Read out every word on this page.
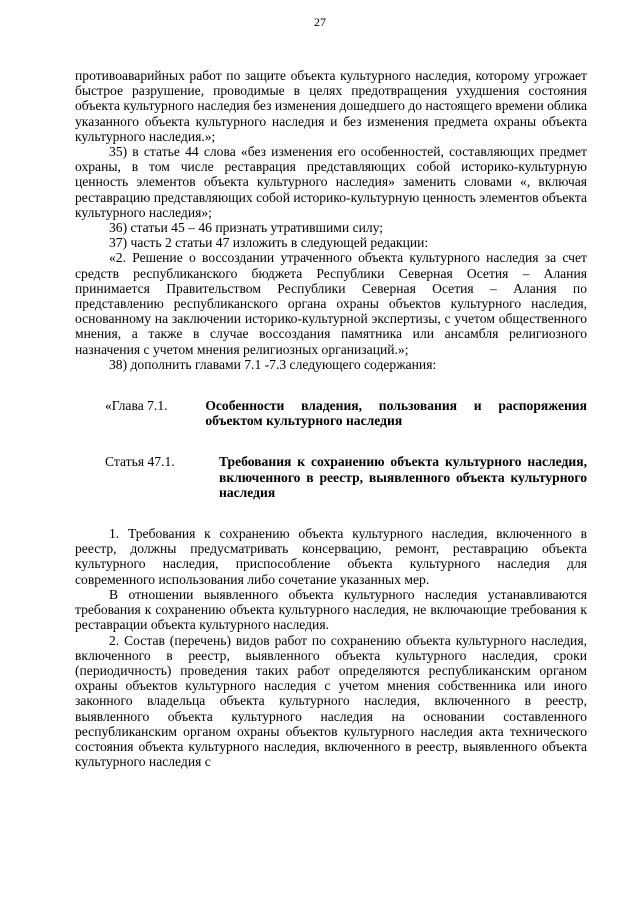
27

противоаварийных работ по защите объекта культурного наследия, которому угрожает быстрое разрушение, проводимые в целях предотвращения ухудшения состояния объекта культурного наследия без изменения дошедшего до настоящего времени облика указанного объекта культурного наследия и без изменения предмета охраны объекта культурного наследия.»;

35) в статье 44 слова «без изменения его особенностей, составляющих предмет охраны, в том числе реставрация представляющих собой историко-культурную ценность элементов объекта культурного наследия» заменить словами «, включая реставрацию представляющих собой историко-культурную ценность элементов объекта культурного наследия»;

36) статьи 45 – 46 признать утратившими силу;

37) часть 2 статьи 47 изложить в следующей редакции:

«2. Решение о воссоздании утраченного объекта культурного наследия за счет средств республиканского бюджета Республики Северная Осетия – Алания принимается Правительством Республики Северная Осетия – Алания по представлению республиканского органа охраны объектов культурного наследия, основанному на заключении историко-культурной экспертизы, с учетом общественного мнения, а также в случае воссоздания памятника или ансамбля религиозного назначения с учетом мнения религиозных организаций.»;

38) дополнить главами 7.1 -7.3 следующего содержания:

«Глава 7.1.	Особенности владения, пользования и распоряжения объектом культурного наследия
Статья 47.1.	Требования к сохранению объекта культурного наследия, включенного в реестр, выявленного объекта культурного наследия

1. Требования к сохранению объекта культурного наследия, включенного в реестр, должны предусматривать консервацию, ремонт, реставрацию объекта культурного наследия, приспособление объекта культурного наследия для современного использования либо сочетание указанных мер.

В отношении выявленного объекта культурного наследия устанавливаются требования к сохранению объекта культурного наследия, не включающие требования к реставрации объекта культурного наследия.

2. Состав (перечень) видов работ по сохранению объекта культурного наследия, включенного в реестр, выявленного объекта культурного наследия, сроки (периодичность) проведения таких работ определяются республиканским органом охраны объектов культурного наследия с учетом мнения собственника или иного законного владельца объекта культурного наследия, включенного в реестр, выявленного объекта культурного наследия на основании составленного республиканским органом охраны объектов культурного наследия акта технического состояния объекта культурного наследия, включенного в реестр, выявленного объекта культурного наследия с
